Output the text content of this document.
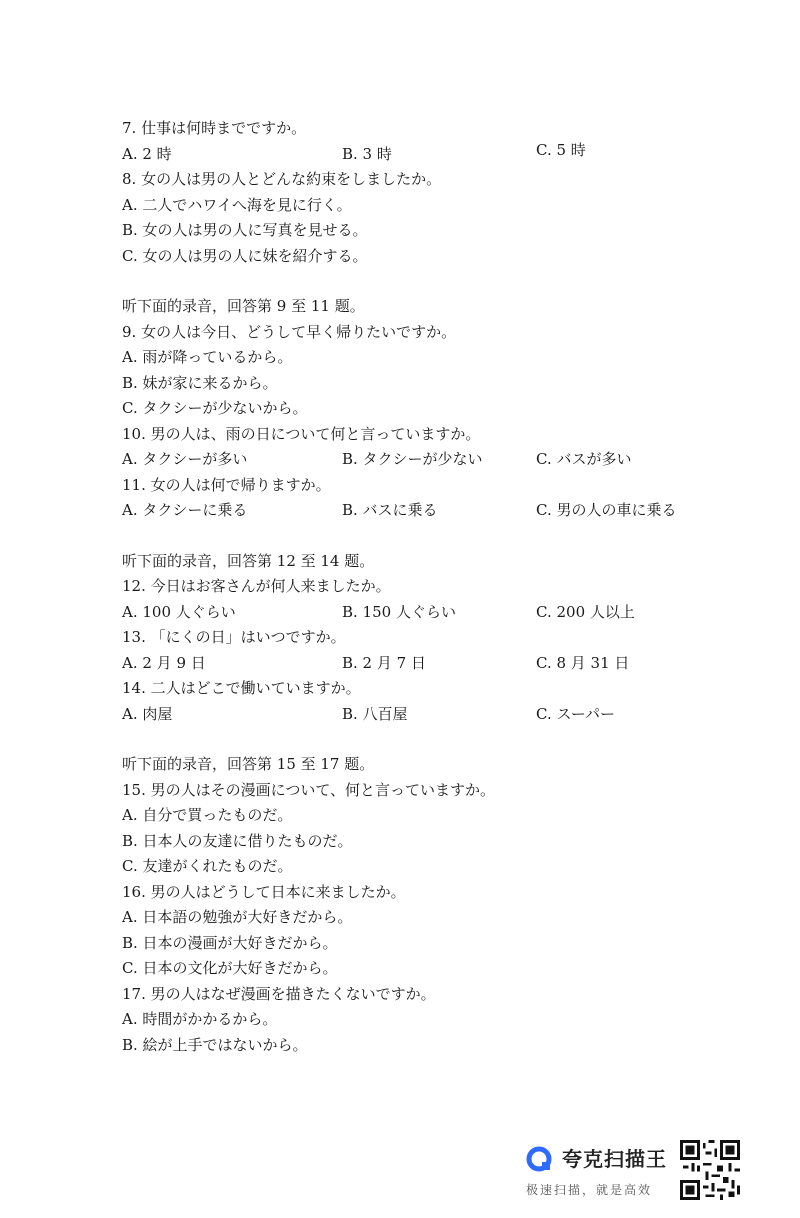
7. 仕事は何時までですか。
A. 2 時	B. 3 時	C. 5 時
8. 女の人は男の人とどんな約束をしましたか。
A. 二人でハワイへ海を見に行く。
B. 女の人は男の人に写真を見せる。
C. 女の人は男の人に妹を紹介する。
听下面的录音，回答第 9 至 11 题。
9. 女の人は今日、どうして早く帰りたいですか。
A. 雨が降っているから。
B. 妹が家に来るから。
C. タクシーが少ないから。
10. 男の人は、雨の日について何と言っていますか。
A. タクシーが多い	B. タクシーが少ない	C. バスが多い
11. 女の人は何で帰りますか。
A. タクシーに乗る	B. バスに乗る	C. 男の人の車に乗る
听下面的录音，回答第 12 至 14 题。
12. 今日はお客さんが何人来ましたか。
A. 100 人ぐらい	B. 150 人ぐらい	C. 200 人以上
13. 「にくの日」はいつですか。
A. 2 月 9 日	B. 2 月 7 日	C. 8 月 31 日
14. 二人はどこで働いていますか。
A. 肉屋	B. 八百屋	C. スーパー
听下面的录音，回答第 15 至 17 题。
15. 男の人はその漫画について、何と言っていますか。
A. 自分で買ったものだ。
B. 日本人の友達に借りたものだ。
C. 友達がくれたものだ。
16. 男の人はどうして日本に来ましたか。
A. 日本語の勉強が大好きだから。
B. 日本の漫画が大好きだから。
C. 日本の文化が大好きだから。
17. 男の人はなぜ漫画を描きたくないですか。
A. 時間がかかるから。
B. 絵が上手ではないから。
夸克扫描王
极速扫描，就是高效
